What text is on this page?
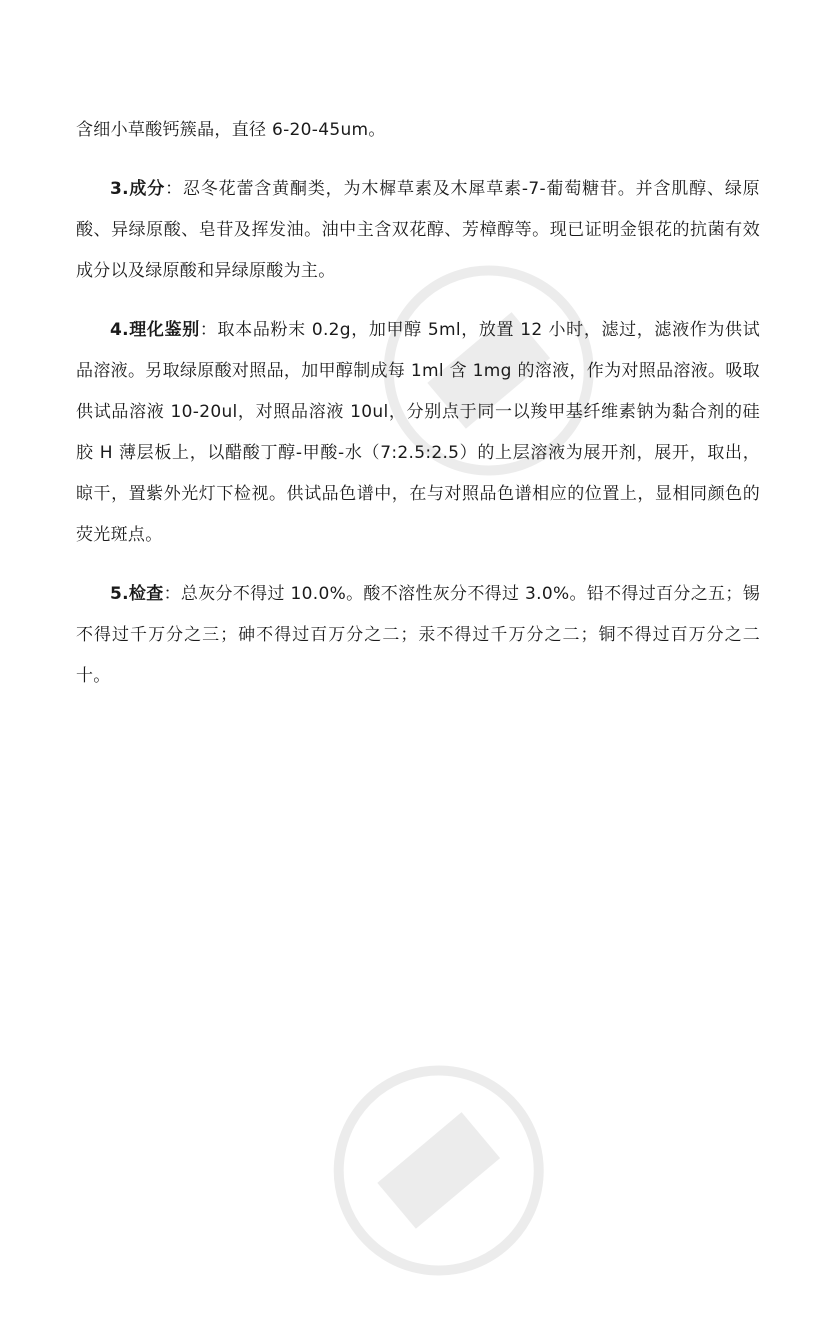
含细小草酸钙簇晶，直径 6-20-45um。

3.成分：忍冬花蕾含黄酮类，为木樨草素及木犀草素-7-葡萄糖苷。并含肌醇、绿原酸、异绿原酸、皂苷及挥发油。油中主含双花醇、芳樟醇等。现已证明金银花的抗菌有效成分以及绿原酸和异绿原酸为主。

4.理化鉴别：取本品粉末 0.2g，加甲醇 5ml，放置 12 小时，滤过，滤液作为供试品溶液。另取绿原酸对照品，加甲醇制成每 1ml 含 1mg 的溶液，作为对照品溶液。吸取供试品溶液 10-20ul，对照品溶液 10ul，分别点于同一以羧甲基纤维素钠为黏合剂的硅胶 H 薄层板上，以醋酸丁醇-甲酸-水（7:2.5:2.5）的上层溶液为展开剂，展开，取出，晾干，置紫外光灯下检视。供试品色谱中，在与对照品色谱相应的位置上，显相同颜色的荧光斑点。

5.检查：总灰分不得过 10.0%。酸不溶性灰分不得过 3.0%。铅不得过百分之五；锡不得过千万分之三；砷不得过百万分之二；汞不得过千万分之二；铜不得过百万分之二十。
